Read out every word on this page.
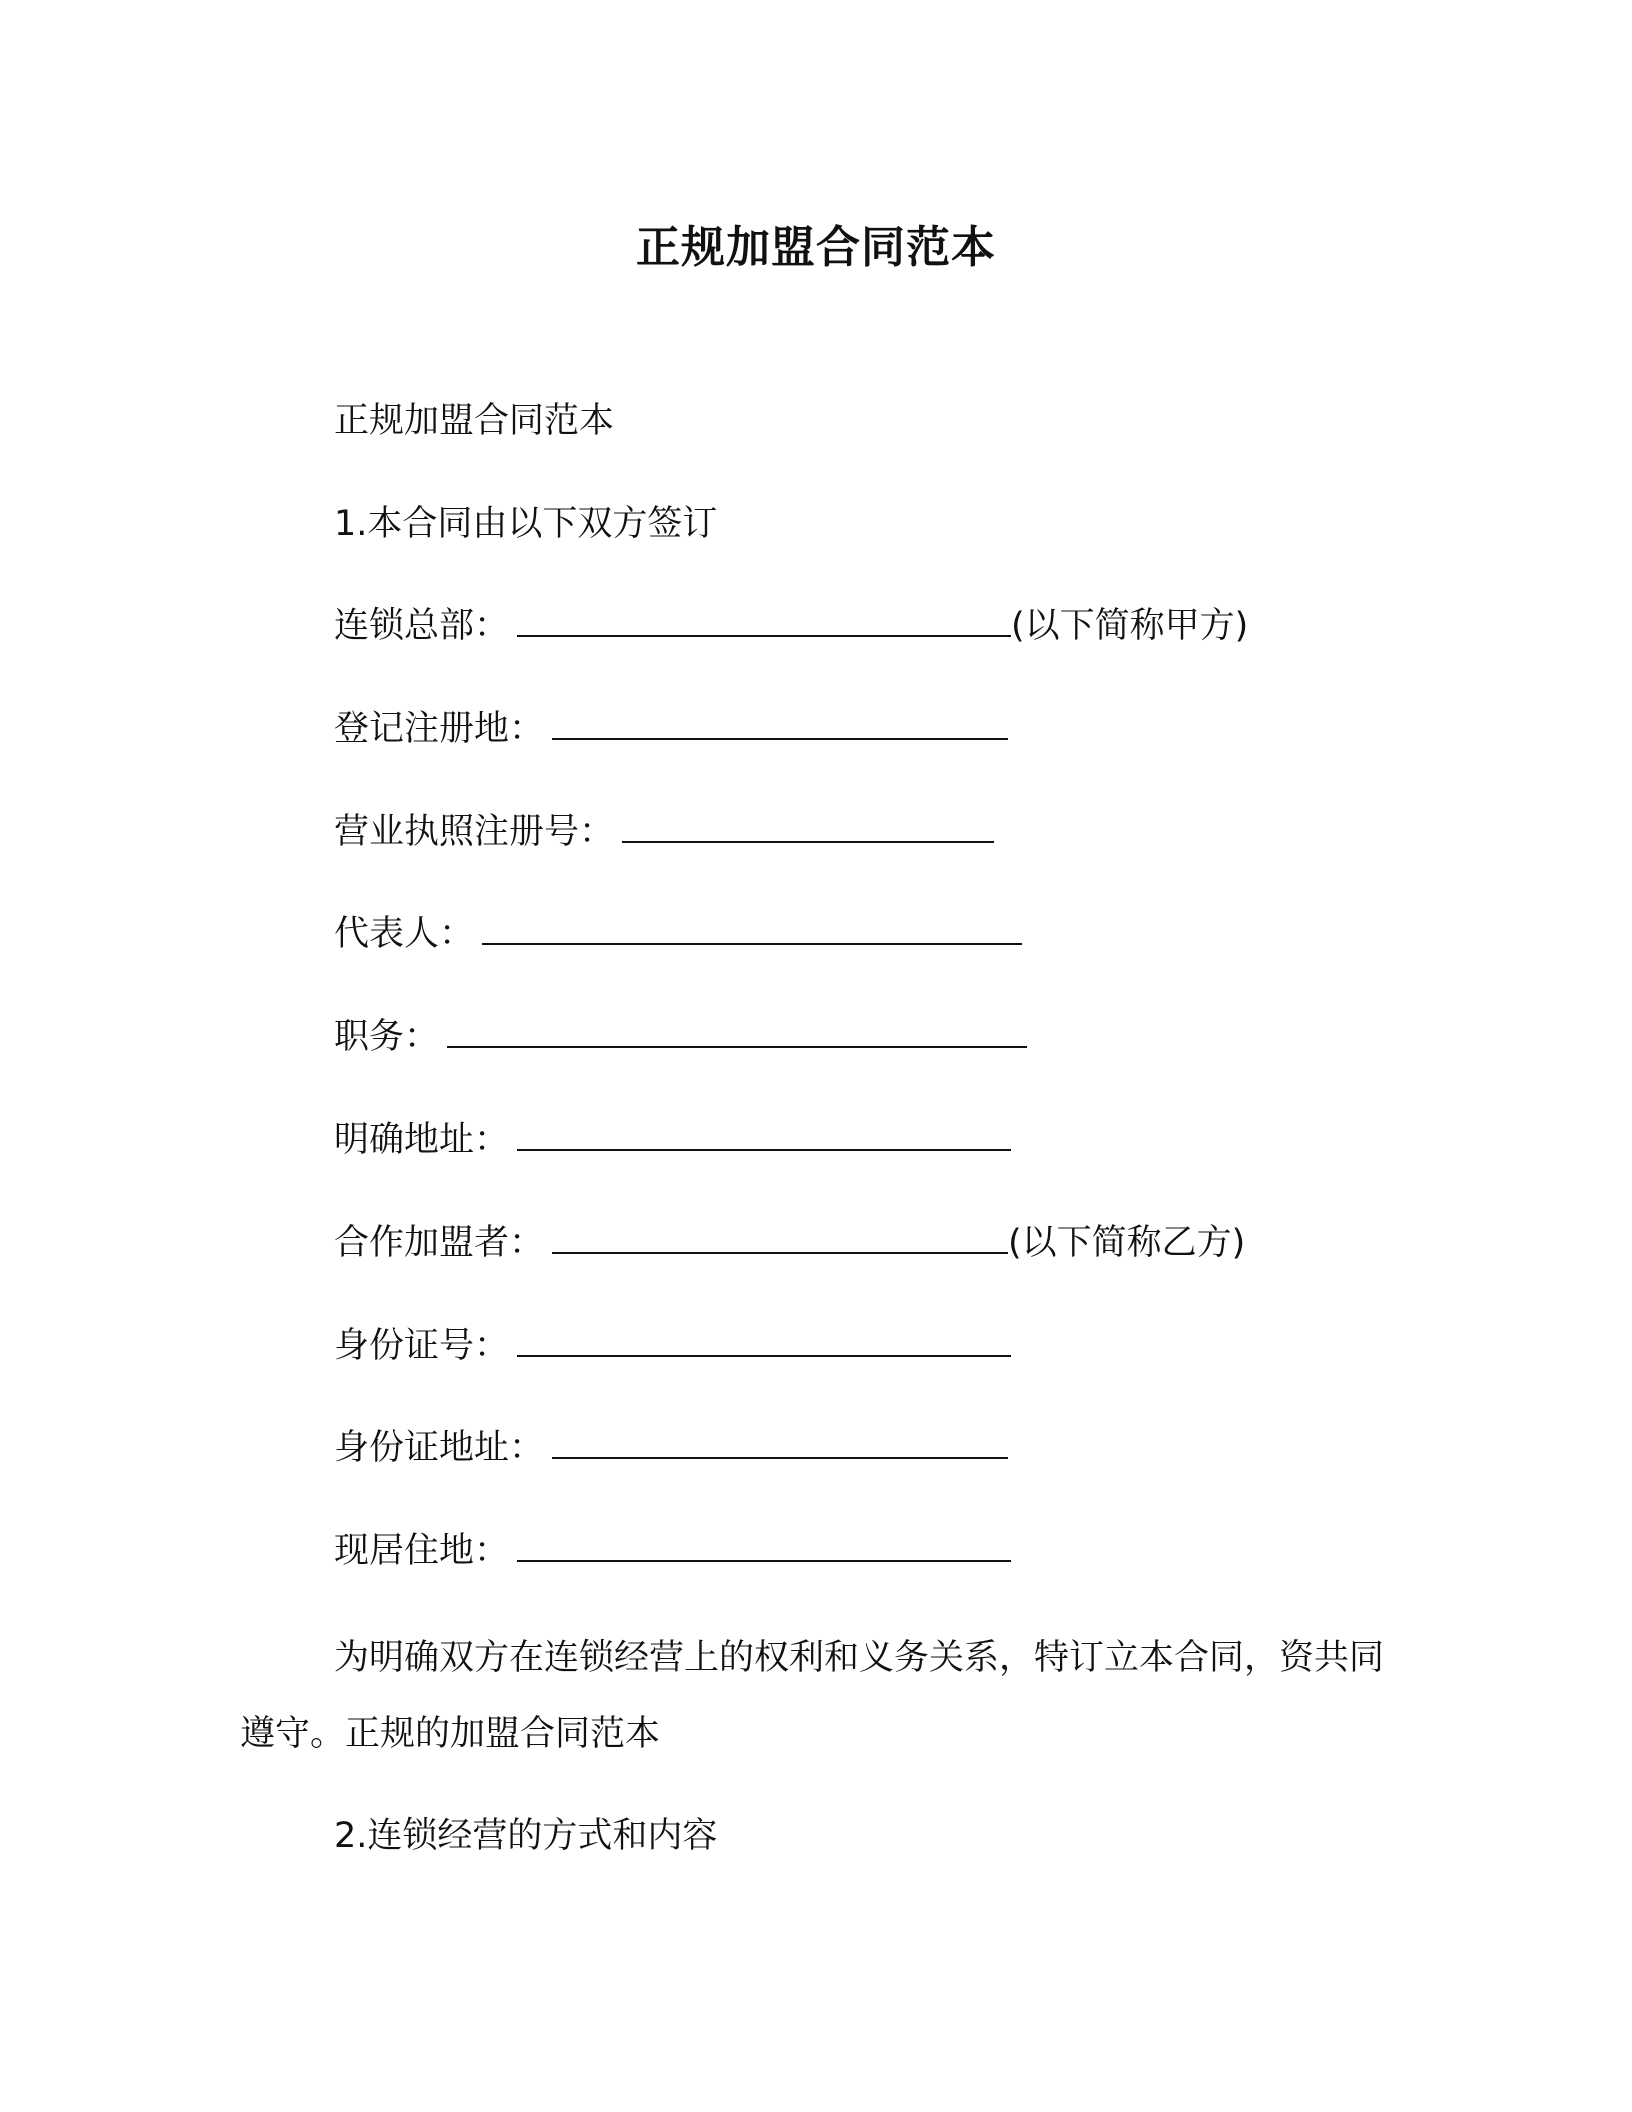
正规加盟合同范本
正规加盟合同范本
1.本合同由以下双方签订
连锁总部：	(以下简称甲方)
登记注册地：
营业执照注册号：
代表人：
职务：
明确地址：
合作加盟者：	(以下简称乙方)
身份证号：
身份证地址：
现居住地：
为明确双方在连锁经营上的权利和义务关系，特订立本合同，资共同遵守。正规的加盟合同范本
2.连锁经营的方式和内容
